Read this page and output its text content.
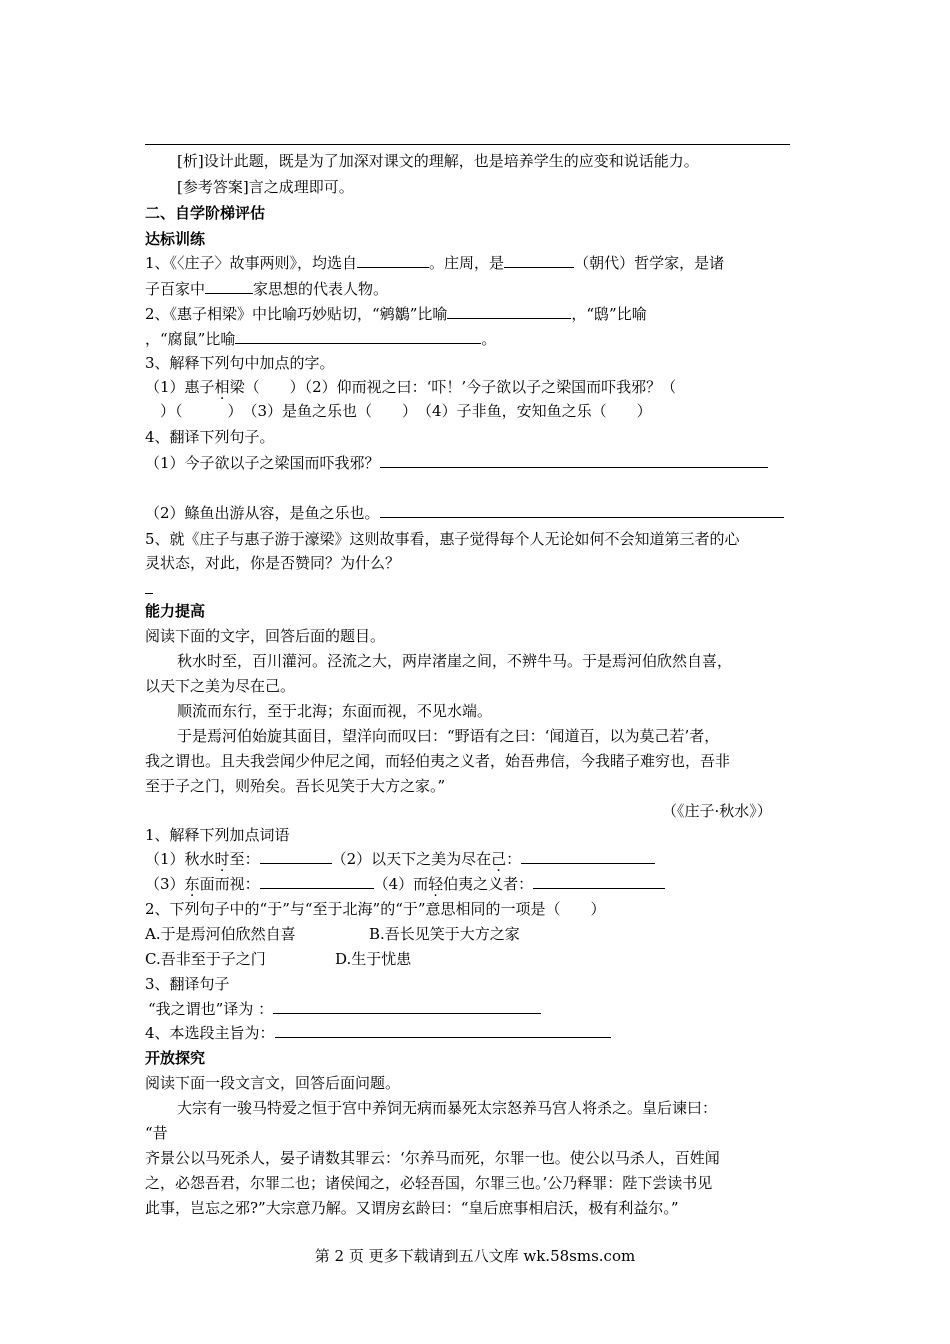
[析]设计此题，既是为了加深对课文的理解，也是培养学生的应变和说话能力。
[参考答案]言之成理即可。
二、自学阶梯评估
达标训练
1、《〈庄子〉故事两则》，均选自	。庄周，是	（朝代）哲学家，是诸
子百家中	家思想的代表人物。
2、《惠子相梁》中比喻巧妙贴切，“鹓鶵”比喻	，“鸱”比喻
，“腐鼠”比喻	。
3、解释下列句中加点的字。
（1）惠子相梁（　　）（2）仰而视之曰：‘吓！’今子欲以子之梁国而吓我邪？（
　）（　　　）　（3）是鱼之乐也（　　）　（4）子非鱼，安知鱼之乐（　　）
4、翻译下列句子。
（1）今子欲以子之梁国而吓我邪？
（2）鲦鱼出游从容，是鱼之乐也。
5、就《庄子与惠子游于濠梁》这则故事看，惠子觉得每个人无论如何不会知道第三者的心
灵状态，对此，你是否赞同？为什么？
能力提高
阅读下面的文字，回答后面的题目。
秋水时至，百川灌河。泾流之大，两岸渚崖之间，不辨牛马。于是焉河伯欣然自喜，
以天下之美为尽在己。
顺流而东行，至于北海；东面而视，不见水端。
于是焉河伯始旋其面目，望洋向而叹曰：“野语有之曰：‘闻道百，以为莫己若’者，
我之谓也。且夫我尝闻少仲尼之闻，而轻伯夷之义者，始吾弗信，今我睹子难穷也，吾非
至于子之门，则殆矣。吾长见笑于大方之家。”
（《庄子·秋水》）
1、解释下列加点词语
（1）秋水时至：	（2）以天下之美为尽在己：
（3）东面而视：	（4）而轻伯夷之义者：
2、下列句子中的“于”与“至于北海”的“于”意思相同的一项是（　　）
A.于是焉河伯欣然自喜	B.吾长见笑于大方之家
C.吾非至于子之门	D.生于忧患
3、翻译句子
“我之谓也”译为 ：
4、本选段主旨为：
开放探究
阅读下面一段文言文，回答后面问题。
大宗有一骏马特爱之恒于宫中养饲无病而暴死太宗怒养马宫人将杀之。皇后谏曰：
“昔
齐景公以马死杀人，晏子请数其罪云：‘尔养马而死，尔罪一也。使公以马杀人，百姓闻
之，必怨吾君，尔罪二也；诸侯闻之，必轻吾国，尔罪三也。’公乃释罪：陛下尝读书见
此事，岂忘之邪?”大宗意乃解。又谓房玄龄曰：“皇后庶事相启沃，极有利益尔。”
第 2 页 更多下载请到五八文库 wk.58sms.com
